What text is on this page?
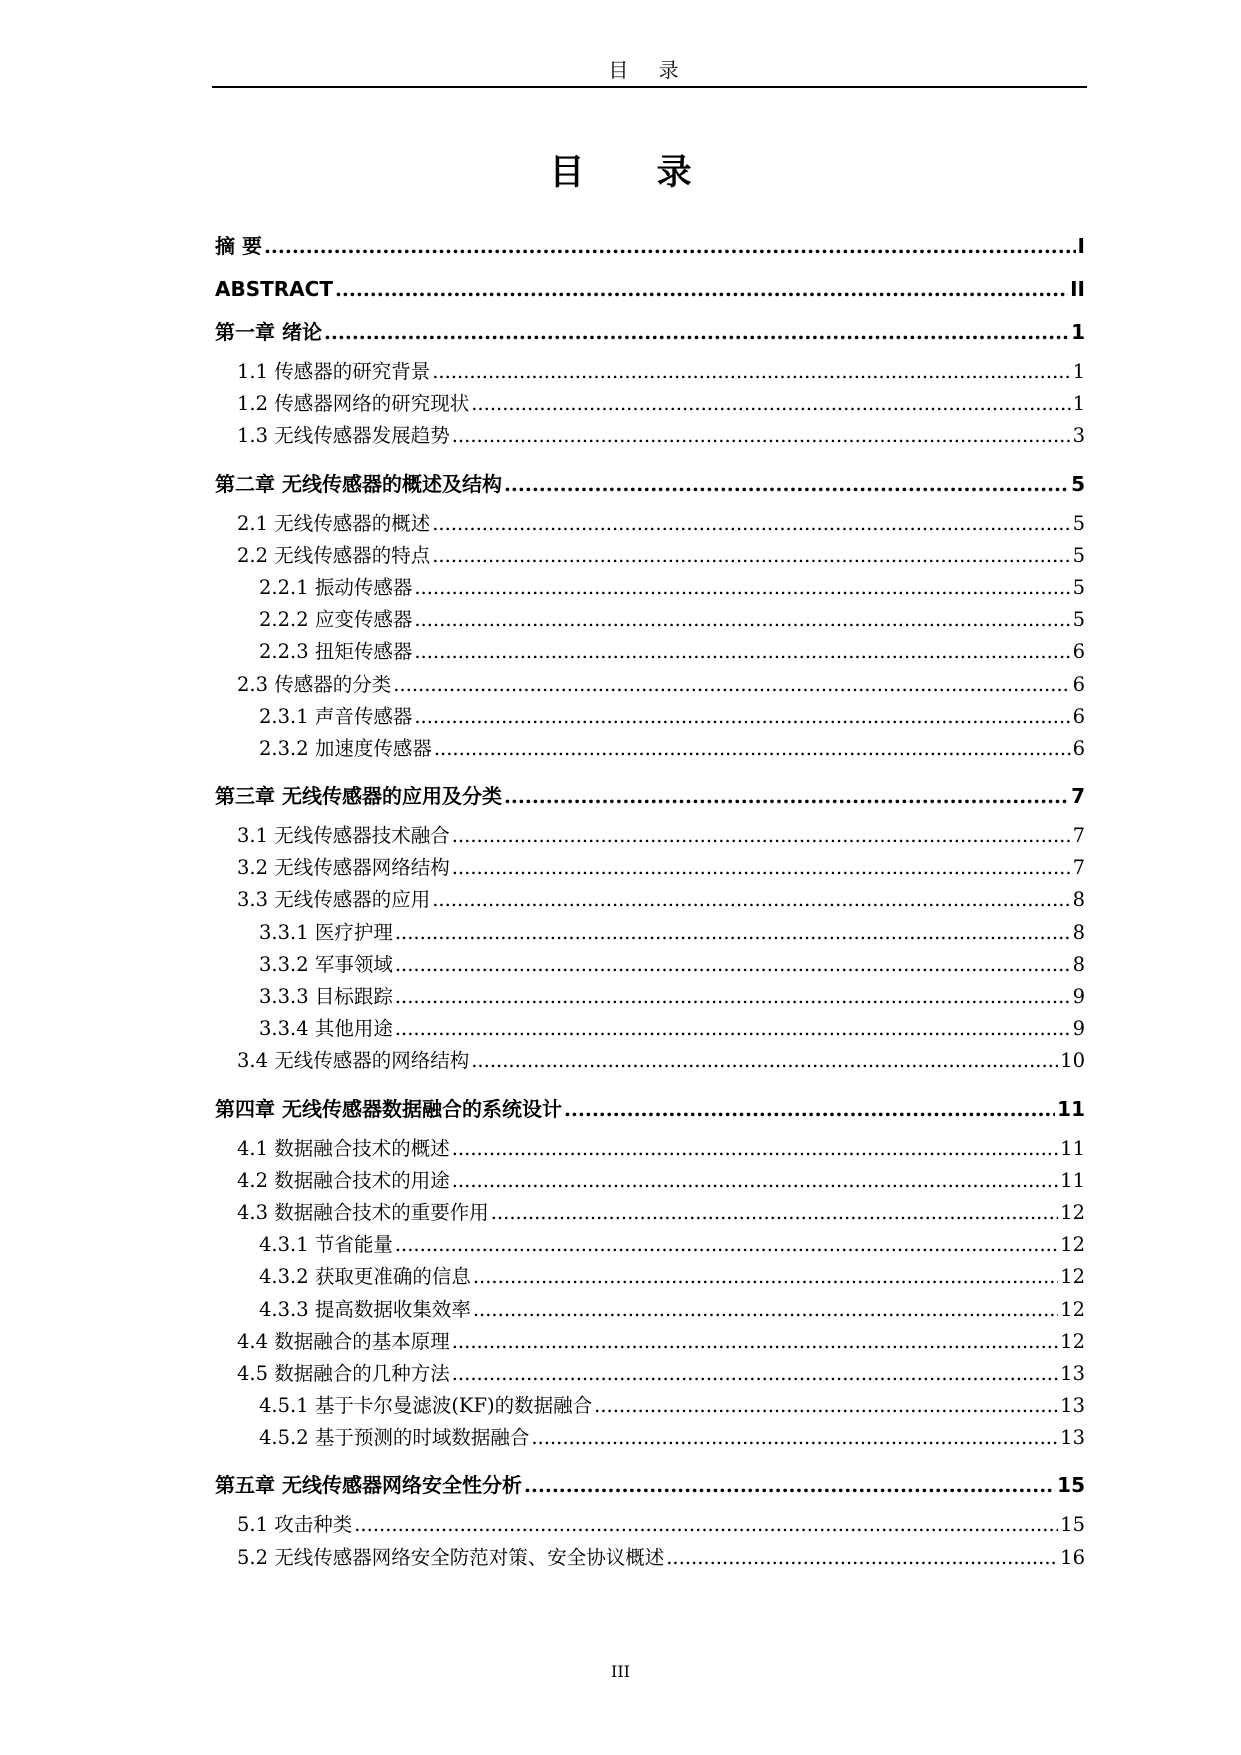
目 录
目 录
摘 要 .....	I
ABSTRACT .....	II
第一章 绪论 .....	1
1.1 传感器的研究背景 .....	1
1.2 传感器网络的研究现状 .....	1
1.3 无线传感器发展趋势 .....	3
第二章 无线传感器的概述及结构 .....	5
2.1 无线传感器的概述 .....	5
2.2 无线传感器的特点 .....	5
2.2.1 振动传感器 .....	5
2.2.2 应变传感器 .....	5
2.2.3 扭矩传感器 .....	6
2.3 传感器的分类 .....	6
2.3.1 声音传感器 .....	6
2.3.2 加速度传感器 .....	6
第三章 无线传感器的应用及分类 .....	7
3.1 无线传感器技术融合 .....	7
3.2 无线传感器网络结构 .....	7
3.3 无线传感器的应用 .....	8
3.3.1 医疗护理 .....	8
3.3.2 军事领域 .....	8
3.3.3 目标跟踪 .....	9
3.3.4 其他用途 .....	9
3.4 无线传感器的网络结构 .....	10
第四章 无线传感器数据融合的系统设计 .....	11
4.1 数据融合技术的概述 .....	11
4.2 数据融合技术的用途 .....	11
4.3 数据融合技术的重要作用 .....	12
4.3.1 节省能量 .....	12
4.3.2 获取更准确的信息 .....	12
4.3.3 提高数据收集效率 .....	12
4.4 数据融合的基本原理 .....	12
4.5 数据融合的几种方法 .....	13
4.5.1 基于卡尔曼滤波(KF)的数据融合 .....	13
4.5.2 基于预测的时域数据融合 .....	13
第五章 无线传感器网络安全性分析 .....	15
5.1 攻击种类 .....	15
5.2 无线传感器网络安全防范对策、安全协议概述 .....	16
III
